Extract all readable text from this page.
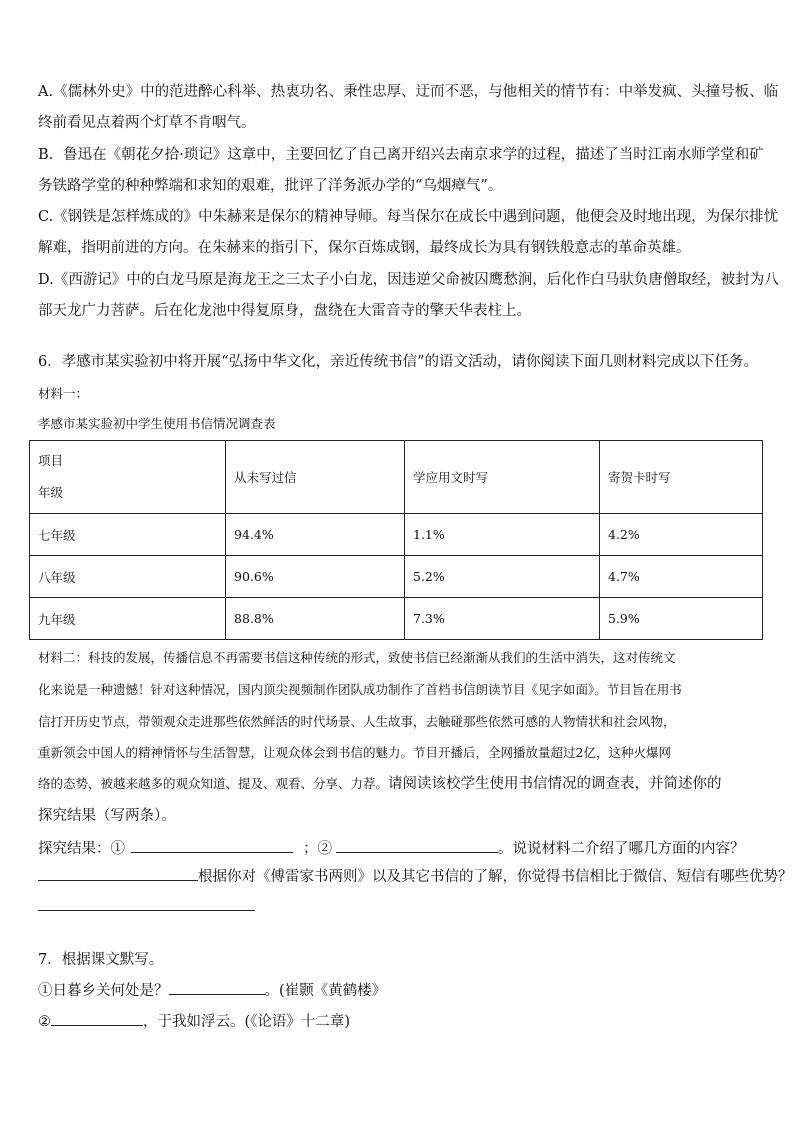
A.《儒林外史》中的范进醉心科举、热衷功名、秉性忠厚、迂而不恶，与他相关的情节有：中举发疯、头撞号板、临
终前看见点着两个灯草不肯咽气。
B．鲁迅在《朝花夕拾·琐记》这章中，主要回忆了自己离开绍兴去南京求学的过程，描述了当时江南水师学堂和矿
务铁路学堂的种种弊端和求知的艰难，批评了洋务派办学的“乌烟瘴气”。
C.《钢铁是怎样炼成的》中朱赫来是保尔的精神导师。每当保尔在成长中遇到问题，他便会及时地出现，为保尔排忧
解难，指明前进的方向。在朱赫来的指引下，保尔百炼成钢，最终成长为具有钢铁般意志的革命英雄。
D.《西游记》中的白龙马原是海龙王之三太子小白龙，因违逆父命被囚鹰愁涧，后化作白马驮负唐僧取经，被封为八
部天龙广力菩萨。后在化龙池中得复原身，盘绕在大雷音寺的擎天华表柱上。
6．孝感市某实验初中将开展“弘扬中华文化，亲近传统书信”的语文活动，请你阅读下面几则材料完成以下任务。
材料一：
孝感市某实验初中学生使用书信情况调查表
项目
年级	从未写过信	学应用文时写	寄贺卡时写
七年级	94.4%	1.1%	4.2%
八年级	90.6%	5.2%	4.7%
九年级	88.8%	7.3%	5.9%
材料二：科技的发展，传播信息不再需要书信这种传统的形式，致使书信已经渐渐从我们的生活中消失，这对传统文
化来说是一种遗憾！针对这种情况，国内顶尖视频制作团队成功制作了首档书信朗读节目《见字如面》。节目旨在用书
信打开历史节点，带领观众走进那些依然鲜活的时代场景、人生故事，去触碰那些依然可感的人物情状和社会风物，
重新领会中国人的精神情怀与生活智慧，让观众体会到书信的魅力。节目开播后，全网播放量超过2亿，这种火爆网
络的态势，被越来越多的观众知道、提及、观看、分享、力荐。请阅读该校学生使用书信情况的调查表，并简述你的
探究结果（写两条）。
探究结果：①	；②	。说说材料二介绍了哪几方面的内容？
根据你对《傅雷家书两则》以及其它书信的了解，你觉得书信相比于微信、短信有哪些优势？
7．根据课文默写。
①日暮乡关何处是？	。(崔颢《黄鹤楼》
②	，于我如浮云。(《论语》十二章)
